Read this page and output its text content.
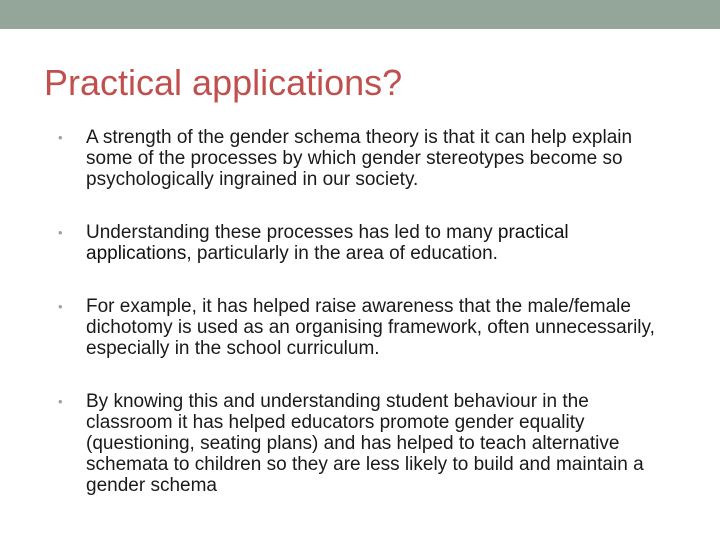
Practical applications?
• A strength of the gender schema theory is that it can help explain some of the processes by which gender stereotypes become so psychologically ingrained in our society.
• Understanding these processes has led to many practical applications, particularly in the area of education.
• For example, it has helped raise awareness that the male/female dichotomy is used as an organising framework, often unnecessarily, especially in the school curriculum.
• By knowing this and understanding student behaviour in the classroom it has helped educators promote gender equality (questioning, seating plans) and has helped to teach alternative schemata to children so they are less likely to build and maintain a gender schema
